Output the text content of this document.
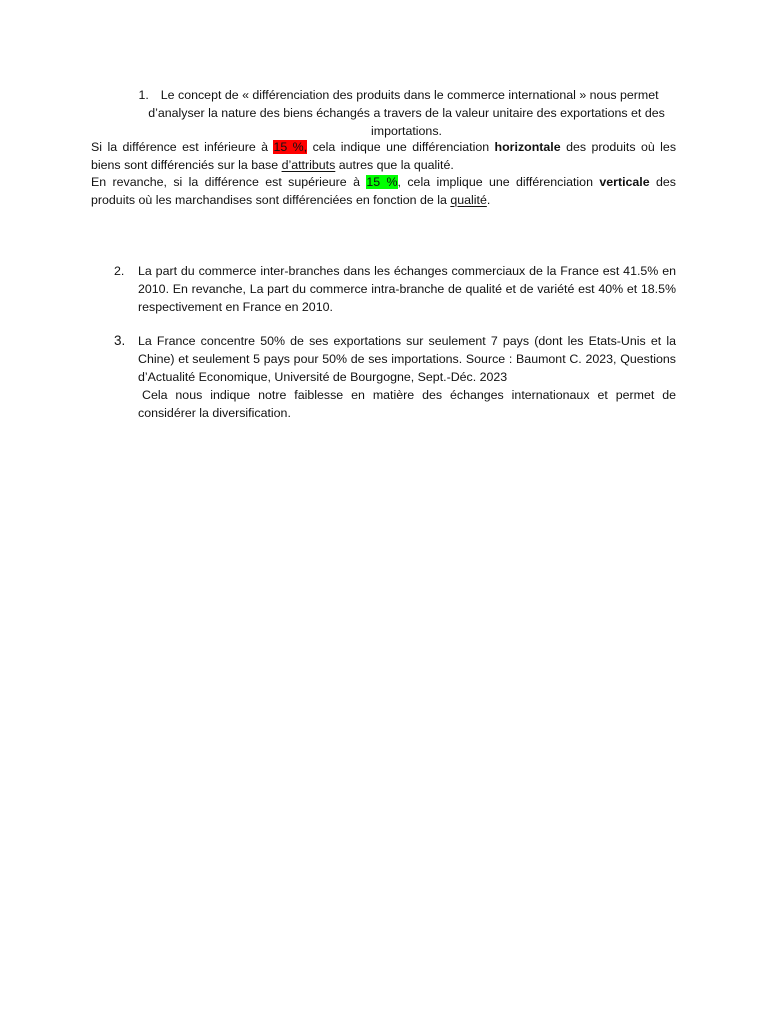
1. Le concept de « différenciation des produits dans le commerce international » nous permet
d’analyser la nature des biens échangés a travers de la valeur unitaire des exportations et des
importations.
Si la différence est inférieure à 15 %, cela indique une différenciation horizontale des produits où les biens sont différenciés sur la base d’attributs autres que la qualité.
En revanche, si la différence est supérieure à 15 %, cela implique une différenciation verticale des produits où les marchandises sont différenciées en fonction de la qualité.
2.	La part du commerce inter-branches dans les échanges commerciaux de la France est 41.5% en 2010. En revanche, La part du commerce intra-branche de qualité et de variété est 40% et 18.5% respectivement en France en 2010.
3.	La France concentre 50% de ses exportations sur seulement 7 pays (dont les Etats-Unis et la Chine) et seulement 5 pays pour 50% de ses importations. Source : Baumont C. 2023, Questions d’Actualité Economique, Université de Bourgogne, Sept.-Déc. 2023
Cela nous indique notre faiblesse en matière des échanges internationaux et permet de considérer la diversification.
